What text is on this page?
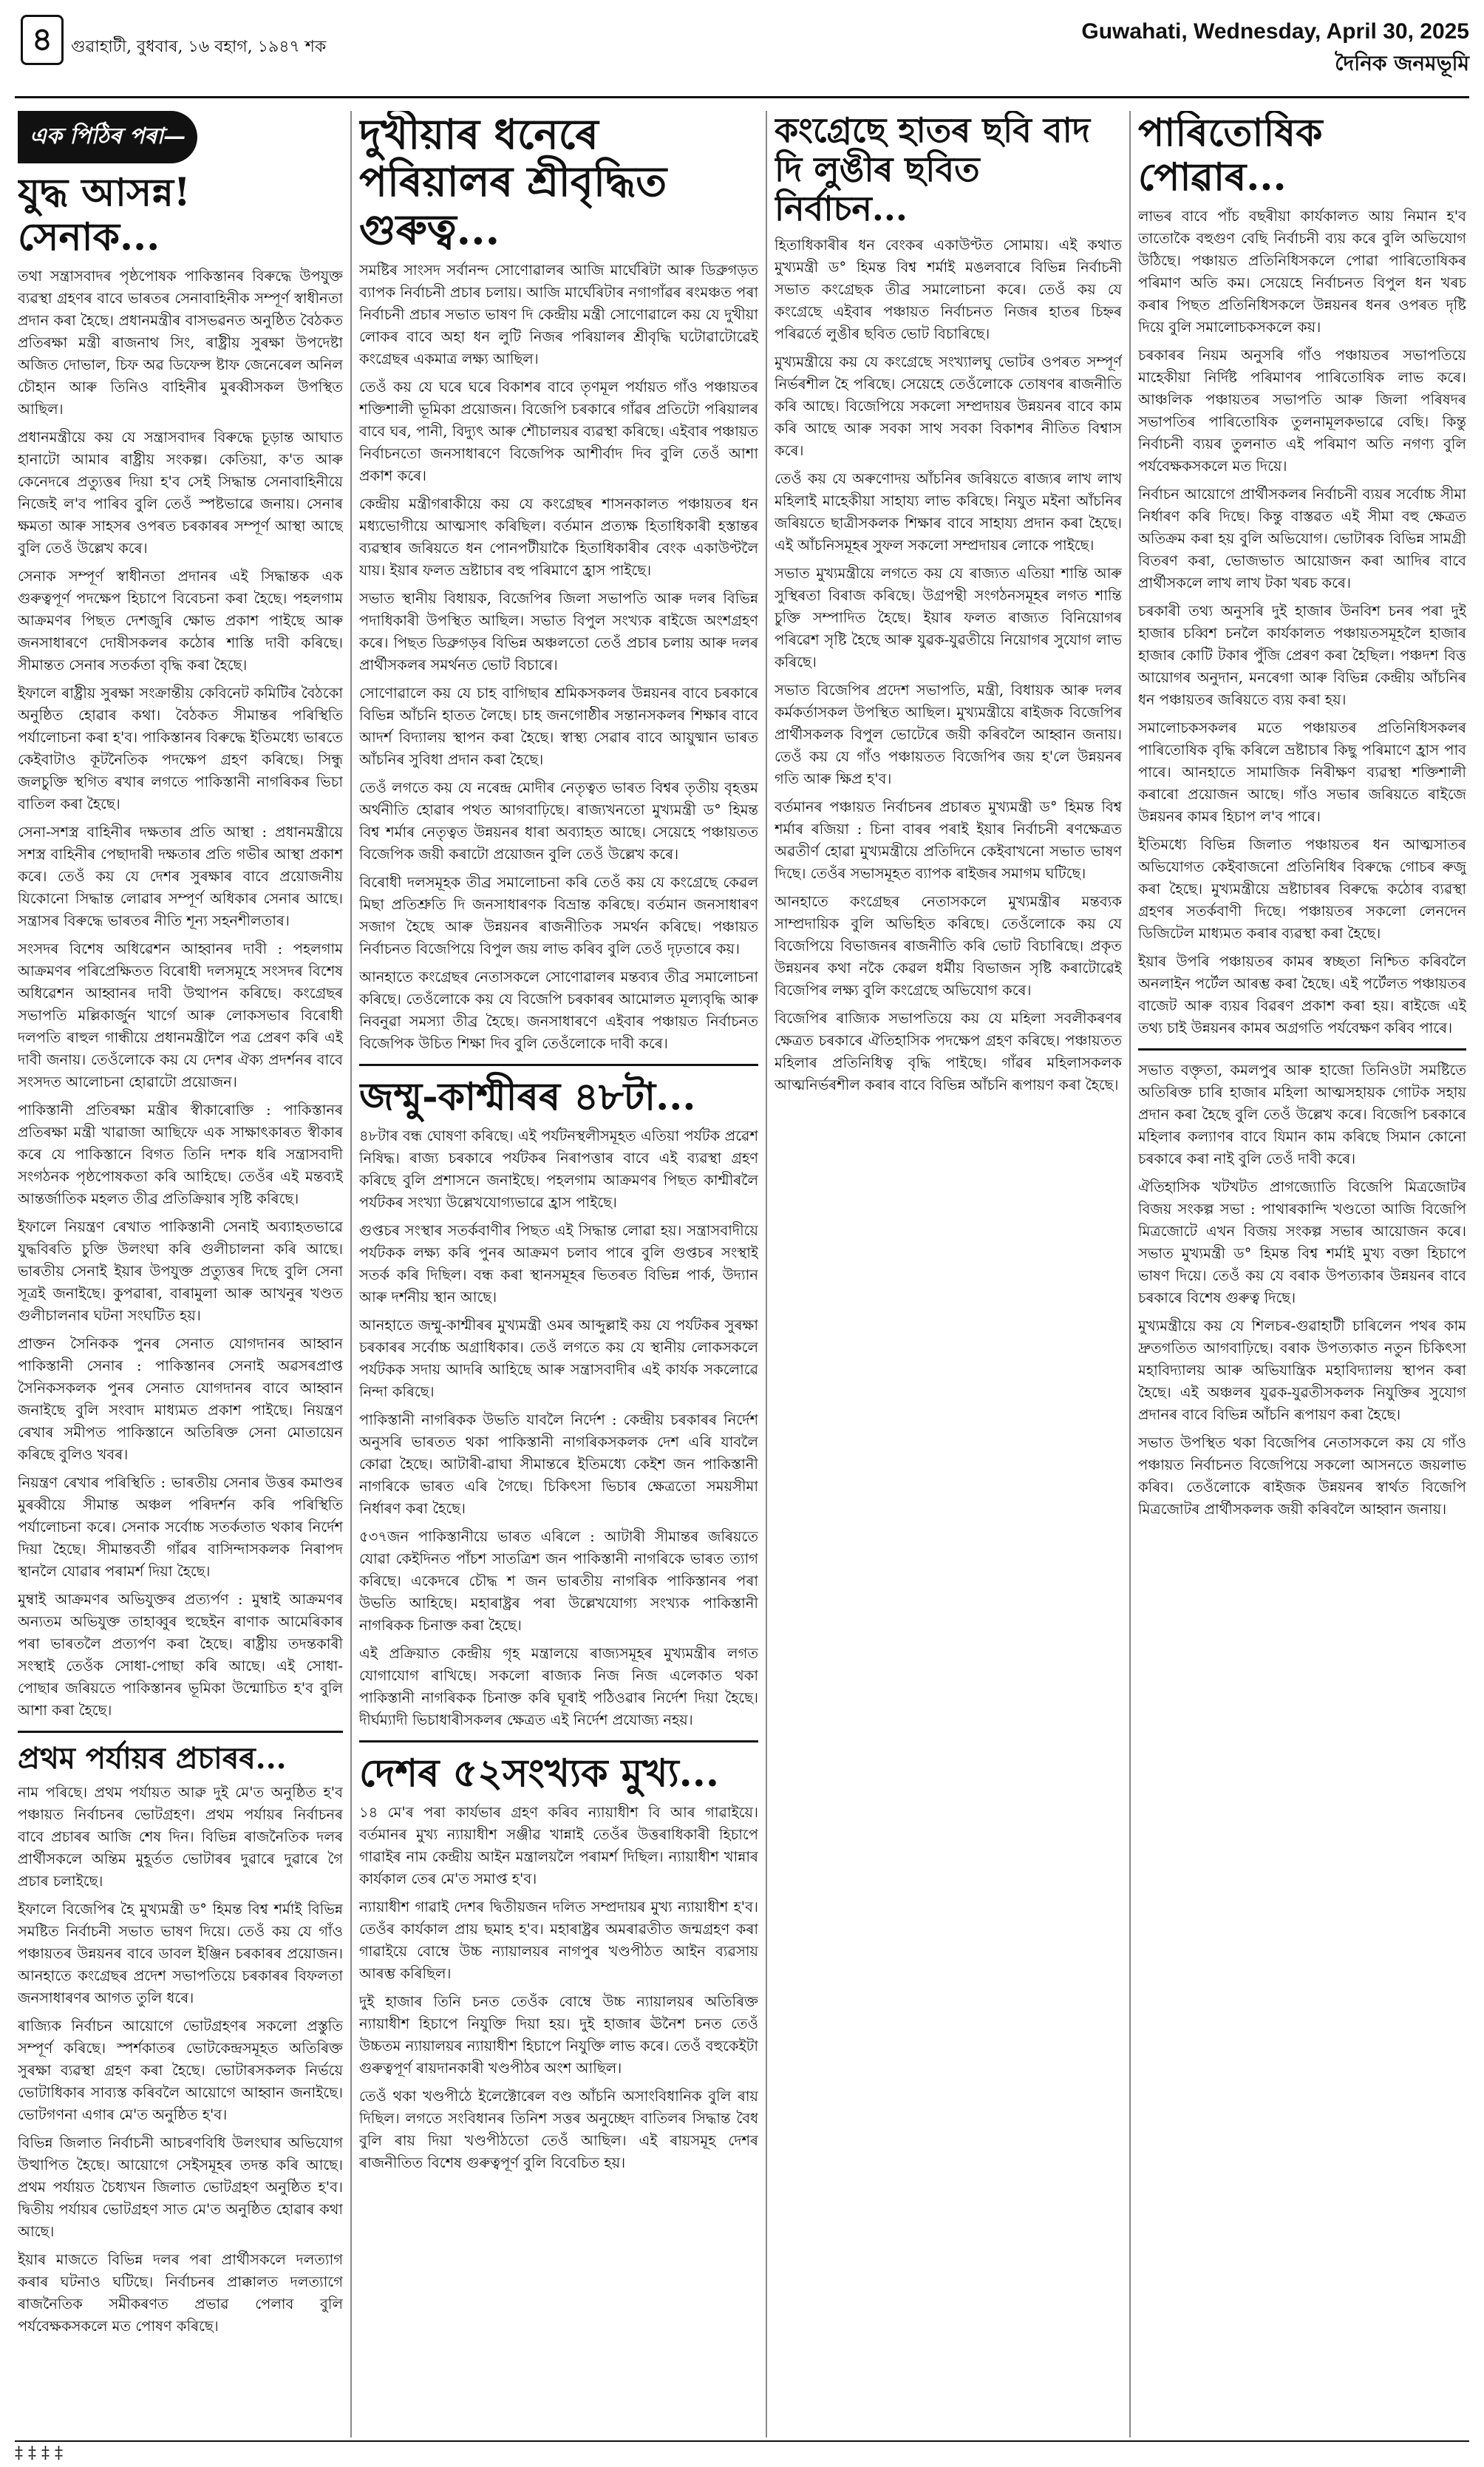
৪	গুৱাহাটী, বুধবাৰ, ১৬ বহাগ, ১৯৪৭ শক
Guwahati, Wednesday, April 30, 2025
দৈনিক জনমভূমি
এক পিঠিৰ পৰা—
যুদ্ধ আসন্ন! সেনাক...

তথা সন্ত্ৰাসবাদৰ পৃষ্ঠপোষক পাকিস্তানৰ বিৰুদ্ধে উপযুক্ত ব্যৱস্থা গ্ৰহণৰ বাবে ভাৰতৰ সেনাবাহিনীক সম্পূৰ্ণ স্বাধীনতা প্ৰদান কৰা হৈছে। প্ৰধানমন্ত্ৰীৰ বাসভৱনত অনুষ্ঠিত বৈঠকত প্ৰতিৰক্ষা মন্ত্ৰী ৰাজনাথ সিং, ৰাষ্ট্ৰীয় সুৰক্ষা উপদেষ্টা অজিত দোভাল, চিফ অৱ ডিফেন্স ষ্টাফ জেনেৰেল অনিল চৌহান আৰু তিনিও বাহিনীৰ মুৰব্বীসকল উপস্থিত আছিল।

প্ৰধানমন্ত্ৰীয়ে কয় যে সন্ত্ৰাসবাদৰ বিৰুদ্ধে চূড়ান্ত আঘাত হানাটো আমাৰ ৰাষ্ট্ৰীয় সংকল্প। কেতিয়া, ক'ত আৰু কেনেদৰে প্ৰত্যুত্তৰ দিয়া হ'ব সেই সিদ্ধান্ত সেনাবাহিনীয়ে নিজেই ল'ব পাৰিব বুলি তেওঁ স্পষ্টভাৱে জনায়। সেনাৰ ক্ষমতা আৰু সাহসৰ ওপৰত চৰকাৰৰ সম্পূৰ্ণ আস্থা আছে বুলি তেওঁ উল্লেখ কৰে।

সেনাক সম্পূৰ্ণ স্বাধীনতা প্ৰদানৰ এই সিদ্ধান্তক এক গুৰুত্বপূৰ্ণ পদক্ষেপ হিচাপে বিবেচনা কৰা হৈছে। পহলগাম আক্ৰমণৰ পিছত দেশজুৰি ক্ষোভ প্ৰকাশ পাইছে আৰু জনসাধাৰণে দোষীসকলৰ কঠোৰ শাস্তি দাবী কৰিছে। সীমান্তত সেনাৰ সতৰ্কতা বৃদ্ধি কৰা হৈছে।

ইফালে ৰাষ্ট্ৰীয় সুৰক্ষা সংক্ৰান্তীয় কেবিনেট কমিটিৰ বৈঠকো অনুষ্ঠিত হোৱাৰ কথা। বৈঠকত সীমান্তৰ পৰিস্থিতি পৰ্যালোচনা কৰা হ'ব। পাকিস্তানৰ বিৰুদ্ধে ইতিমধ্যে ভাৰতে কেইবাটাও কূটনৈতিক পদক্ষেপ গ্ৰহণ কৰিছে। সিন্ধু জলচুক্তি স্থগিত ৰখাৰ লগতে পাকিস্তানী নাগৰিকৰ ভিচা বাতিল কৰা হৈছে।

সেনা-সশস্ত্ৰ বাহিনীৰ দক্ষতাৰ প্ৰতি আস্থা : প্ৰধানমন্ত্ৰীয়ে সশস্ত্ৰ বাহিনীৰ পেছাদাৰী দক্ষতাৰ প্ৰতি গভীৰ আস্থা প্ৰকাশ কৰে। তেওঁ কয় যে দেশৰ সুৰক্ষাৰ বাবে প্ৰয়োজনীয় যিকোনো সিদ্ধান্ত লোৱাৰ সম্পূৰ্ণ অধিকাৰ সেনাৰ আছে। সন্ত্ৰাসৰ বিৰুদ্ধে ভাৰতৰ নীতি শূন্য সহনশীলতাৰ।

সংসদৰ বিশেষ অধিৱেশন আহ্বানৰ দাবী : পহলগাম আক্ৰমণৰ পৰিপ্ৰেক্ষিতত বিৰোধী দলসমূহে সংসদৰ বিশেষ অধিৱেশন আহ্বানৰ দাবী উত্থাপন কৰিছে। কংগ্ৰেছৰ সভাপতি মল্লিকাৰ্জুন খাৰ্গে আৰু লোকসভাৰ বিৰোধী দলপতি ৰাহুল গান্ধীয়ে প্ৰধানমন্ত্ৰীলৈ পত্ৰ প্ৰেৰণ কৰি এই দাবী জনায়। তেওঁলোকে কয় যে দেশৰ ঐক্য প্ৰদৰ্শনৰ বাবে সংসদত আলোচনা হোৱাটো প্ৰয়োজন।

পাকিস্তানী প্ৰতিৰক্ষা মন্ত্ৰীৰ স্বীকাৰোক্তি : পাকিস্তানৰ প্ৰতিৰক্ষা মন্ত্ৰী খাৱাজা আছিফে এক সাক্ষাৎকাৰত স্বীকাৰ কৰে যে পাকিস্তানে বিগত তিনি দশক ধৰি সন্ত্ৰাসবাদী সংগঠনক পৃষ্ঠপোষকতা কৰি আহিছে। তেওঁৰ এই মন্তব্যই আন্তৰ্জাতিক মহলত তীব্ৰ প্ৰতিক্ৰিয়াৰ সৃষ্টি কৰিছে।

ইফালে নিয়ন্ত্ৰণ ৰেখাত পাকিস্তানী সেনাই অব্যাহতভাৱে যুদ্ধবিৰতি চুক্তি উলংঘা কৰি গুলীচালনা কৰি আছে। ভাৰতীয় সেনাই ইয়াৰ উপযুক্ত প্ৰত্যুত্তৰ দিছে বুলি সেনা সূত্ৰই জনাইছে। কুপৱাৰা, বাৰামুলা আৰু আখনুৰ খণ্ডত গুলীচালনাৰ ঘটনা সংঘটিত হয়।

প্ৰাক্তন সৈনিকক পুনৰ সেনাত যোগদানৰ আহ্বান পাকিস্তানী সেনাৰ : পাকিস্তানৰ সেনাই অৱসৰপ্ৰাপ্ত সৈনিকসকলক পুনৰ সেনাত যোগদানৰ বাবে আহ্বান জনাইছে বুলি সংবাদ মাধ্যমত প্ৰকাশ পাইছে। নিয়ন্ত্ৰণ ৰেখাৰ সমীপত পাকিস্তানে অতিৰিক্ত সেনা মোতায়েন কৰিছে বুলিও খবৰ।

নিয়ন্ত্ৰণ ৰেখাৰ পৰিস্থিতি : ভাৰতীয় সেনাৰ উত্তৰ কমাণ্ডৰ মুৰব্বীয়ে সীমান্ত অঞ্চল পৰিদৰ্শন কৰি পৰিস্থিতি পৰ্যালোচনা কৰে। সেনাক সৰ্বোচ্চ সতৰ্কতাত থকাৰ নিৰ্দেশ দিয়া হৈছে। সীমান্তবৰ্তী গাঁৱৰ বাসিন্দাসকলক নিৰাপদ স্থানলৈ যোৱাৰ পৰামৰ্শ দিয়া হৈছে।

মুম্বাই আক্ৰমণৰ অভিযুক্তৰ প্ৰত্যৰ্পণ : মুম্বাই আক্ৰমণৰ অন্যতম অভিযুক্ত তাহাব্বুৰ হুছেইন ৰাণাক আমেৰিকাৰ পৰা ভাৰতলৈ প্ৰত্যৰ্পণ কৰা হৈছে। ৰাষ্ট্ৰীয় তদন্তকাৰী সংস্থাই তেওঁক সোধা-পোছা কৰি আছে। এই সোধা-পোছাৰ জৰিয়তে পাকিস্তানৰ ভূমিকা উন্মোচিত হ'ব বুলি আশা কৰা হৈছে।

প্ৰথম পৰ্যায়ৰ প্ৰচাৰৰ...

নাম পৰিছে। প্ৰথম পৰ্যায়ত আৱু দুই মে'ত অনুষ্ঠিত হ'ব পঞ্চায়ত নিৰ্বাচনৰ ভোটগ্ৰহণ। প্ৰথম পৰ্যায়ৰ নিৰ্বাচনৰ বাবে প্ৰচাৰৰ আজি শেষ দিন। বিভিন্ন ৰাজনৈতিক দলৰ প্ৰাৰ্থীসকলে অন্তিম মুহূৰ্তত ভোটাৰৰ দুৱাৰে দুৱাৰে গৈ প্ৰচাৰ চলাইছে।

ইফালে বিজেপিৰ হৈ মুখ্যমন্ত্ৰী ড° হিমন্ত বিশ্ব শৰ্মাই বিভিন্ন সমষ্টিত নিৰ্বাচনী সভাত ভাষণ দিয়ে। তেওঁ কয় যে গাঁও পঞ্চায়তৰ উন্নয়নৰ বাবে ডাবল ইঞ্জিন চৰকাৰৰ প্ৰয়োজন। আনহাতে কংগ্ৰেছৰ প্ৰদেশ সভাপতিয়ে চৰকাৰৰ বিফলতা জনসাধাৰণৰ আগত তুলি ধৰে।

ৰাজ্যিক নিৰ্বাচন আয়োগে ভোটগ্ৰহণৰ সকলো প্ৰস্তুতি সম্পূৰ্ণ কৰিছে। স্পৰ্শকাতৰ ভোটকেন্দ্ৰসমূহত অতিৰিক্ত সুৰক্ষা ব্যৱস্থা গ্ৰহণ কৰা হৈছে। ভোটাৰসকলক নিৰ্ভয়ে ভোটাধিকাৰ সাব্যস্ত কৰিবলৈ আয়োগে আহ্বান জনাইছে। ভোটগণনা এগাৰ মে'ত অনুষ্ঠিত হ'ব।

বিভিন্ন জিলাত নিৰ্বাচনী আচৰণবিধি উলংঘাৰ অভিযোগ উত্থাপিত হৈছে। আয়োগে সেইসমূহৰ তদন্ত কৰি আছে। প্ৰথম পৰ্যায়ত চৈধ্যখন জিলাত ভোটগ্ৰহণ অনুষ্ঠিত হ'ব। দ্বিতীয় পৰ্যায়ৰ ভোটগ্ৰহণ সাত মে'ত অনুষ্ঠিত হোৱাৰ কথা আছে।

ইয়াৰ মাজতে বিভিন্ন দলৰ পৰা প্ৰাৰ্থীসকলে দলত্যাগ কৰাৰ ঘটনাও ঘটিছে। নিৰ্বাচনৰ প্ৰাক্কালত দলত্যাগে ৰাজনৈতিক সমীকৰণত প্ৰভাৱ পেলাব বুলি পৰ্যবেক্ষকসকলে মত পোষণ কৰিছে।

দুখীয়াৰ ধনেৰে পৰিয়ালৰ শ্ৰীবৃদ্ধিত গুৰুত্ব...

সমষ্টিৰ সাংসদ সৰ্বানন্দ সোণোৱালৰ আজি মাৰ্ঘেৰিটা আৰু ডিব্ৰুগড়ত ব্যাপক নিৰ্বাচনী প্ৰচাৰ চলায়। আজি মাৰ্ঘেৰিটাৰ নগাগাঁৱৰ ৰংমঞ্চত পৰা নিৰ্বাচনী প্ৰচাৰ সভাত ভাষণ দি কেন্দ্ৰীয় মন্ত্ৰী সোণোৱালে কয় যে দুখীয়া লোকৰ বাবে অহা ধন লুটি নিজৰ পৰিয়ালৰ শ্ৰীবৃদ্ধি ঘটোৱাটোৱেই কংগ্ৰেছৰ একমাত্ৰ লক্ষ্য আছিল।

তেওঁ কয় যে ঘৰে ঘৰে বিকাশৰ বাবে তৃণমূল পৰ্যায়ত গাঁও পঞ্চায়তৰ শক্তিশালী ভূমিকা প্ৰয়োজন। বিজেপি চৰকাৰে গাঁৱৰ প্ৰতিটো পৰিয়ালৰ বাবে ঘৰ, পানী, বিদ্যুৎ আৰু শৌচালয়ৰ ব্যৱস্থা কৰিছে। এইবাৰ পঞ্চায়ত নিৰ্বাচনতো জনসাধাৰণে বিজেপিক আশীৰ্বাদ দিব বুলি তেওঁ আশা প্ৰকাশ কৰে।

কেন্দ্ৰীয় মন্ত্ৰীগৰাকীয়ে কয় যে কংগ্ৰেছৰ শাসনকালত পঞ্চায়তৰ ধন মধ্যভোগীয়ে আত্মসাৎ কৰিছিল। বৰ্তমান প্ৰত্যক্ষ হিতাধিকাৰী হস্তান্তৰ ব্যৱস্থাৰ জৰিয়তে ধন পোনপটীয়াকৈ হিতাধিকাৰীৰ বেংক একাউণ্টলৈ যায়। ইয়াৰ ফলত ভ্ৰষ্টাচাৰ বহু পৰিমাণে হ্ৰাস পাইছে।

সভাত স্থানীয় বিধায়ক, বিজেপিৰ জিলা সভাপতি আৰু দলৰ বিভিন্ন পদাধিকাৰী উপস্থিত আছিল। সভাত বিপুল সংখ্যক ৰাইজে অংশগ্ৰহণ কৰে। পিছত ডিব্ৰুগড়ৰ বিভিন্ন অঞ্চলতো তেওঁ প্ৰচাৰ চলায় আৰু দলৰ প্ৰাৰ্থীসকলৰ সমৰ্থনত ভোট বিচাৰে।

সোণোৱালে কয় যে চাহ বাগিছাৰ শ্ৰমিকসকলৰ উন্নয়নৰ বাবে চৰকাৰে বিভিন্ন আঁচনি হাতত লৈছে। চাহ জনগোষ্ঠীৰ সন্তানসকলৰ শিক্ষাৰ বাবে আদৰ্শ বিদ্যালয় স্থাপন কৰা হৈছে। স্বাস্থ্য সেৱাৰ বাবে আয়ুষ্মান ভাৰত আঁচনিৰ সুবিধা প্ৰদান কৰা হৈছে।

তেওঁ লগতে কয় যে নৰেন্দ্ৰ মোদীৰ নেতৃত্বত ভাৰত বিশ্বৰ তৃতীয় বৃহত্তম অৰ্থনীতি হোৱাৰ পথত আগবাঢ়িছে। ৰাজ্যখনতো মুখ্যমন্ত্ৰী ড° হিমন্ত বিশ্ব শৰ্মাৰ নেতৃত্বত উন্নয়নৰ ধাৰা অব্যাহত আছে। সেয়েহে পঞ্চায়তত বিজেপিক জয়ী কৰাটো প্ৰয়োজন বুলি তেওঁ উল্লেখ কৰে।

বিৰোধী দলসমূহক তীব্ৰ সমালোচনা কৰি তেওঁ কয় যে কংগ্ৰেছে কেৱল মিছা প্ৰতিশ্ৰুতি দি জনসাধাৰণক বিভ্ৰান্ত কৰিছে। বৰ্তমান জনসাধাৰণ সজাগ হৈছে আৰু উন্নয়নৰ ৰাজনীতিক সমৰ্থন কৰিছে। পঞ্চায়ত নিৰ্বাচনত বিজেপিয়ে বিপুল জয় লাভ কৰিব বুলি তেওঁ দৃঢ়তাৰে কয়।

আনহাতে কংগ্ৰেছৰ নেতাসকলে সোণোৱালৰ মন্তব্যৰ তীব্ৰ সমালোচনা কৰিছে। তেওঁলোকে কয় যে বিজেপি চৰকাৰৰ আমোলত মূল্যবৃদ্ধি আৰু নিবনুৱা সমস্যা তীব্ৰ হৈছে। জনসাধাৰণে এইবাৰ পঞ্চায়ত নিৰ্বাচনত বিজেপিক উচিত শিক্ষা দিব বুলি তেওঁলোকে দাবী কৰে।

জম্মু-কাশ্মীৰৰ ৪৮টা...

৪৮টাৰ বন্ধ ঘোষণা কৰিছে। এই পৰ্যটনস্থলীসমূহত এতিয়া পৰ্যটক প্ৰৱেশ নিষিদ্ধ। ৰাজ্য চৰকাৰে পৰ্যটকৰ নিৰাপত্তাৰ বাবে এই ব্যৱস্থা গ্ৰহণ কৰিছে বুলি প্ৰশাসনে জনাইছে। পহলগাম আক্ৰমণৰ পিছত কাশ্মীৰলৈ পৰ্যটকৰ সংখ্যা উল্লেখযোগ্যভাৱে হ্ৰাস পাইছে।

গুপ্তচৰ সংস্থাৰ সতৰ্কবাণীৰ পিছত এই সিদ্ধান্ত লোৱা হয়। সন্ত্ৰাসবাদীয়ে পৰ্যটকক লক্ষ্য কৰি পুনৰ আক্ৰমণ চলাব পাৰে বুলি গুপ্তচৰ সংস্থাই সতৰ্ক কৰি দিছিল। বন্ধ কৰা স্থানসমূহৰ ভিতৰত বিভিন্ন পাৰ্ক, উদ্যান আৰু দৰ্শনীয় স্থান আছে।

আনহাতে জম্মু-কাশ্মীৰৰ মুখ্যমন্ত্ৰী ওমৰ আব্দুল্লাই কয় যে পৰ্যটকৰ সুৰক্ষা চৰকাৰৰ সৰ্বোচ্চ অগ্ৰাধিকাৰ। তেওঁ লগতে কয় যে স্থানীয় লোকসকলে পৰ্যটকক সদায় আদৰি আহিছে আৰু সন্ত্ৰাসবাদীৰ এই কাৰ্যক সকলোৱে নিন্দা কৰিছে।

পাকিস্তানী নাগৰিকক উভতি যাবলৈ নিৰ্দেশ : কেন্দ্ৰীয় চৰকাৰৰ নিৰ্দেশ অনুসৰি ভাৰতত থকা পাকিস্তানী নাগৰিকসকলক দেশ এৰি যাবলৈ কোৱা হৈছে। আটাৰী-ৱাঘা সীমান্তৰে ইতিমধ্যে কেইশ জন পাকিস্তানী নাগৰিকে ভাৰত এৰি গৈছে। চিকিৎসা ভিচাৰ ক্ষেত্ৰতো সময়সীমা নিৰ্ধাৰণ কৰা হৈছে।

৫৩৭জন পাকিস্তানীয়ে ভাৰত এৰিলে : আটাৰী সীমান্তৰ জৰিয়তে যোৱা কেইদিনত পাঁচশ সাতত্ৰিশ জন পাকিস্তানী নাগৰিকে ভাৰত ত্যাগ কৰিছে। একেদৰে চৌদ্ধ শ জন ভাৰতীয় নাগৰিক পাকিস্তানৰ পৰা উভতি আহিছে। মহাৰাষ্ট্ৰৰ পৰা উল্লেখযোগ্য সংখ্যক পাকিস্তানী নাগৰিকক চিনাক্ত কৰা হৈছে।

এই প্ৰক্ৰিয়াত কেন্দ্ৰীয় গৃহ মন্ত্ৰালয়ে ৰাজ্যসমূহৰ মুখ্যমন্ত্ৰীৰ লগত যোগাযোগ ৰাখিছে। সকলো ৰাজ্যক নিজ নিজ এলেকাত থকা পাকিস্তানী নাগৰিকক চিনাক্ত কৰি ঘূৰাই পঠিওৱাৰ নিৰ্দেশ দিয়া হৈছে। দীৰ্ঘম্যাদী ভিচাধাৰীসকলৰ ক্ষেত্ৰত এই নিৰ্দেশ প্ৰযোজ্য নহয়।

দেশৰ ৫২সংখ্যক মুখ্য...

১৪ মে'ৰ পৰা কাৰ্যভাৰ গ্ৰহণ কৰিব ন্যায়াধীশ বি আৰ গাৱাইয়ে। বৰ্তমানৰ মুখ্য ন্যায়াধীশ সঞ্জীৱ খান্নাই তেওঁৰ উত্তৰাধিকাৰী হিচাপে গাৱাইৰ নাম কেন্দ্ৰীয় আইন মন্ত্ৰালয়লৈ পৰামৰ্শ দিছিল। ন্যায়াধীশ খান্নাৰ কাৰ্যকাল তেৰ মে'ত সমাপ্ত হ'ব।

ন্যায়াধীশ গাৱাই দেশৰ দ্বিতীয়জন দলিত সম্প্ৰদায়ৰ মুখ্য ন্যায়াধীশ হ'ব। তেওঁৰ কাৰ্যকাল প্ৰায় ছমাহ হ'ব। মহাৰাষ্ট্ৰৰ অমৰাৱতীত জন্মগ্ৰহণ কৰা গাৱাইয়ে বোম্বে উচ্চ ন্যায়ালয়ৰ নাগপুৰ খণ্ডপীঠত আইন ব্যৱসায় আৰম্ভ কৰিছিল।

দুই হাজাৰ তিনি চনত তেওঁক বোম্বে উচ্চ ন্যায়ালয়ৰ অতিৰিক্ত ন্যায়াধীশ হিচাপে নিযুক্তি দিয়া হয়। দুই হাজাৰ ঊনৈশ চনত তেওঁ উচ্চতম ন্যায়ালয়ৰ ন্যায়াধীশ হিচাপে নিযুক্তি লাভ কৰে। তেওঁ বহুকেইটা গুৰুত্বপূৰ্ণ ৰায়দানকাৰী খণ্ডপীঠৰ অংশ আছিল।

তেওঁ থকা খণ্ডপীঠে ইলেক্টোৰেল বণ্ড আঁচনি অসাংবিধানিক বুলি ৰায় দিছিল। লগতে সংবিধানৰ তিনিশ সত্তৰ অনুচ্ছেদ বাতিলৰ সিদ্ধান্ত বৈধ বুলি ৰায় দিয়া খণ্ডপীঠতো তেওঁ আছিল। এই ৰায়সমূহ দেশৰ ৰাজনীতিত বিশেষ গুৰুত্বপূৰ্ণ বুলি বিবেচিত হয়।

কংগ্ৰেছে হাতৰ ছবি বাদ দি লুঙীৰ ছবিত নিৰ্বাচন...

হিতাধিকাৰীৰ ধন বেংকৰ একাউণ্টত সোমায়। এই কথাত মুখ্যমন্ত্ৰী ড° হিমন্ত বিশ্ব শৰ্মাই মঙলবাৰে বিভিন্ন নিৰ্বাচনী সভাত কংগ্ৰেছক তীব্ৰ সমালোচনা কৰে। তেওঁ কয় যে কংগ্ৰেছে এইবাৰ পঞ্চায়ত নিৰ্বাচনত নিজৰ হাতৰ চিহ্নৰ পৰিৱৰ্তে লুঙীৰ ছবিত ভোট বিচাৰিছে।

মুখ্যমন্ত্ৰীয়ে কয় যে কংগ্ৰেছে সংখ্যালঘু ভোটৰ ওপৰত সম্পূৰ্ণ নিৰ্ভৰশীল হৈ পৰিছে। সেয়েহে তেওঁলোকে তোষণৰ ৰাজনীতি কৰি আছে। বিজেপিয়ে সকলো সম্প্ৰদায়ৰ উন্নয়নৰ বাবে কাম কৰি আছে আৰু সবকা সাথ সবকা বিকাশৰ নীতিত বিশ্বাস কৰে।

তেওঁ কয় যে অৰুণোদয় আঁচনিৰ জৰিয়তে ৰাজ্যৰ লাখ লাখ মহিলাই মাহেকীয়া সাহায্য লাভ কৰিছে। নিযুত মইনা আঁচনিৰ জৰিয়তে ছাত্ৰীসকলক শিক্ষাৰ বাবে সাহায্য প্ৰদান কৰা হৈছে। এই আঁচনিসমূহৰ সুফল সকলো সম্প্ৰদায়ৰ লোকে পাইছে।

সভাত মুখ্যমন্ত্ৰীয়ে লগতে কয় যে ৰাজ্যত এতিয়া শান্তি আৰু সুস্থিৰতা বিৰাজ কৰিছে। উগ্ৰপন্থী সংগঠনসমূহৰ লগত শান্তি চুক্তি সম্পাদিত হৈছে। ইয়াৰ ফলত ৰাজ্যত বিনিয়োগৰ পৰিৱেশ সৃষ্টি হৈছে আৰু যুৱক-যুৱতীয়ে নিয়োগৰ সুযোগ লাভ কৰিছে।

সভাত বিজেপিৰ প্ৰদেশ সভাপতি, মন্ত্ৰী, বিধায়ক আৰু দলৰ কৰ্মকৰ্তাসকল উপস্থিত আছিল। মুখ্যমন্ত্ৰীয়ে ৰাইজক বিজেপিৰ প্ৰাৰ্থীসকলক বিপুল ভোটেৰে জয়ী কৰিবলৈ আহ্বান জনায়। তেওঁ কয় যে গাঁও পঞ্চায়তত বিজেপিৰ জয় হ'লে উন্নয়নৰ গতি আৰু ক্ষিপ্ৰ হ'ব।

বৰ্তমানৰ পঞ্চায়ত নিৰ্বাচনৰ প্ৰচাৰত মুখ্যমন্ত্ৰী ড° হিমন্ত বিশ্ব শৰ্মাৰ ৰজিয়া : চিনা বাৰৰ পৰাই ইয়াৰ নিৰ্বাচনী ৰণক্ষেত্ৰত অৱতীৰ্ণ হোৱা মুখ্যমন্ত্ৰীয়ে প্ৰতিদিনে কেইবাখনো সভাত ভাষণ দিছে। তেওঁৰ সভাসমূহত ব্যাপক ৰাইজৰ সমাগম ঘটিছে।

আনহাতে কংগ্ৰেছৰ নেতাসকলে মুখ্যমন্ত্ৰীৰ মন্তব্যক সাম্প্ৰদায়িক বুলি অভিহিত কৰিছে। তেওঁলোকে কয় যে বিজেপিয়ে বিভাজনৰ ৰাজনীতি কৰি ভোট বিচাৰিছে। প্ৰকৃত উন্নয়নৰ কথা নকৈ কেৱল ধৰ্মীয় বিভাজন সৃষ্টি কৰাটোৱেই বিজেপিৰ লক্ষ্য বুলি কংগ্ৰেছে অভিযোগ কৰে।

বিজেপিৰ ৰাজ্যিক সভাপতিয়ে কয় যে মহিলা সবলীকৰণৰ ক্ষেত্ৰত চৰকাৰে ঐতিহাসিক পদক্ষেপ গ্ৰহণ কৰিছে। পঞ্চায়তত মহিলাৰ প্ৰতিনিধিত্ব বৃদ্ধি পাইছে। গাঁৱৰ মহিলাসকলক আত্মনিৰ্ভৰশীল কৰাৰ বাবে বিভিন্ন আঁচনি ৰূপায়ণ কৰা হৈছে।

পাৰিতোষিক পোৱাৰ...

লাভৰ বাবে পাঁচ বছৰীয়া কাৰ্যকালত আয় নিমান হ'ব তাতোকৈ বহুগুণ বেছি নিৰ্বাচনী ব্যয় কৰে বুলি অভিযোগ উঠিছে। পঞ্চায়ত প্ৰতিনিধিসকলে পোৱা পাৰিতোষিকৰ পৰিমাণ অতি কম। সেয়েহে নিৰ্বাচনত বিপুল ধন খৰচ কৰাৰ পিছত প্ৰতিনিধিসকলে উন্নয়নৰ ধনৰ ওপৰত দৃষ্টি দিয়ে বুলি সমালোচকসকলে কয়।

চৰকাৰৰ নিয়ম অনুসৰি গাঁও পঞ্চায়তৰ সভাপতিয়ে মাহেকীয়া নিৰ্দিষ্ট পৰিমাণৰ পাৰিতোষিক লাভ কৰে। আঞ্চলিক পঞ্চায়তৰ সভাপতি আৰু জিলা পৰিষদৰ সভাপতিৰ পাৰিতোষিক তুলনামূলকভাৱে বেছি। কিন্তু নিৰ্বাচনী ব্যয়ৰ তুলনাত এই পৰিমাণ অতি নগণ্য বুলি পৰ্যবেক্ষকসকলে মত দিয়ে।

নিৰ্বাচন আয়োগে প্ৰাৰ্থীসকলৰ নিৰ্বাচনী ব্যয়ৰ সৰ্বোচ্চ সীমা নিৰ্ধাৰণ কৰি দিছে। কিন্তু বাস্তৱত এই সীমা বহু ক্ষেত্ৰত অতিক্ৰম কৰা হয় বুলি অভিযোগ। ভোটাৰক বিভিন্ন সামগ্ৰী বিতৰণ কৰা, ভোজভাত আয়োজন কৰা আদিৰ বাবে প্ৰাৰ্থীসকলে লাখ লাখ টকা খৰচ কৰে।

চৰকাৰী তথ্য অনুসৰি দুই হাজাৰ উনবিশ চনৰ পৰা দুই হাজাৰ চব্বিশ চনলৈ কাৰ্যকালত পঞ্চায়তসমূহলৈ হাজাৰ হাজাৰ কোটি টকাৰ পুঁজি প্ৰেৰণ কৰা হৈছিল। পঞ্চদশ বিত্ত আয়োগৰ অনুদান, মনৰেগা আৰু বিভিন্ন কেন্দ্ৰীয় আঁচনিৰ ধন পঞ্চায়তৰ জৰিয়তে ব্যয় কৰা হয়।

সমালোচকসকলৰ মতে পঞ্চায়তৰ প্ৰতিনিধিসকলৰ পাৰিতোষিক বৃদ্ধি কৰিলে ভ্ৰষ্টাচাৰ কিছু পৰিমাণে হ্ৰাস পাব পাৰে। আনহাতে সামাজিক নিৰীক্ষণ ব্যৱস্থা শক্তিশালী কৰাৰো প্ৰয়োজন আছে। গাঁও সভাৰ জৰিয়তে ৰাইজে উন্নয়নৰ কামৰ হিচাপ ল'ব পাৰে।

ইতিমধ্যে বিভিন্ন জিলাত পঞ্চায়তৰ ধন আত্মসাতৰ অভিযোগত কেইবাজনো প্ৰতিনিধিৰ বিৰুদ্ধে গোচৰ ৰুজু কৰা হৈছে। মুখ্যমন্ত্ৰীয়ে ভ্ৰষ্টাচাৰৰ বিৰুদ্ধে কঠোৰ ব্যৱস্থা গ্ৰহণৰ সতৰ্কবাণী দিছে। পঞ্চায়তৰ সকলো লেনদেন ডিজিটেল মাধ্যমত কৰাৰ ব্যৱস্থা কৰা হৈছে।

ইয়াৰ উপৰি পঞ্চায়তৰ কামৰ স্বচ্ছতা নিশ্চিত কৰিবলৈ অনলাইন পৰ্টেল আৰম্ভ কৰা হৈছে। এই পৰ্টেলত পঞ্চায়তৰ বাজেট আৰু ব্যয়ৰ বিৱৰণ প্ৰকাশ কৰা হয়। ৰাইজে এই তথ্য চাই উন্নয়নৰ কামৰ অগ্ৰগতি পৰ্যবেক্ষণ কৰিব পাৰে।

সভাত বক্তৃতা, কমলপুৰ আৰু হাজো তিনিওটা সমষ্টিতে অতিৰিক্ত চাৰি হাজাৰ মহিলা আত্মসহায়ক গোটক সহায় প্ৰদান কৰা হৈছে বুলি তেওঁ উল্লেখ কৰে। বিজেপি চৰকাৰে মহিলাৰ কল্যাণৰ বাবে যিমান কাম কৰিছে সিমান কোনো চৰকাৰে কৰা নাই বুলি তেওঁ দাবী কৰে।

ঐতিহাসিক খটখটত প্ৰাগজ্যোতি বিজেপি মিত্ৰজোটৰ বিজয় সংকল্প সভা : পাথাৰকান্দি খণ্ডতো আজি বিজেপি মিত্ৰজোটে এখন বিজয় সংকল্প সভাৰ আয়োজন কৰে। সভাত মুখ্যমন্ত্ৰী ড° হিমন্ত বিশ্ব শৰ্মাই মুখ্য বক্তা হিচাপে ভাষণ দিয়ে। তেওঁ কয় যে বৰাক উপত্যকাৰ উন্নয়নৰ বাবে চৰকাৰে বিশেষ গুৰুত্ব দিছে।

মুখ্যমন্ত্ৰীয়ে কয় যে শিলচৰ-গুৱাহাটী চাৰিলেন পথৰ কাম দ্ৰুতগতিত আগবাঢ়িছে। বৰাক উপত্যকাত নতুন চিকিৎসা মহাবিদ্যালয় আৰু অভিযান্ত্ৰিক মহাবিদ্যালয় স্থাপন কৰা হৈছে। এই অঞ্চলৰ যুৱক-যুৱতীসকলক নিযুক্তিৰ সুযোগ প্ৰদানৰ বাবে বিভিন্ন আঁচনি ৰূপায়ণ কৰা হৈছে।

সভাত উপস্থিত থকা বিজেপিৰ নেতাসকলে কয় যে গাঁও পঞ্চায়ত নিৰ্বাচনত বিজেপিয়ে সকলো আসনতে জয়লাভ কৰিব। তেওঁলোকে ৰাইজক উন্নয়নৰ স্বাৰ্থত বিজেপি মিত্ৰজোটৰ প্ৰাৰ্থীসকলক জয়ী কৰিবলৈ আহ্বান জনায়।

‡ ‡ ‡ ‡
